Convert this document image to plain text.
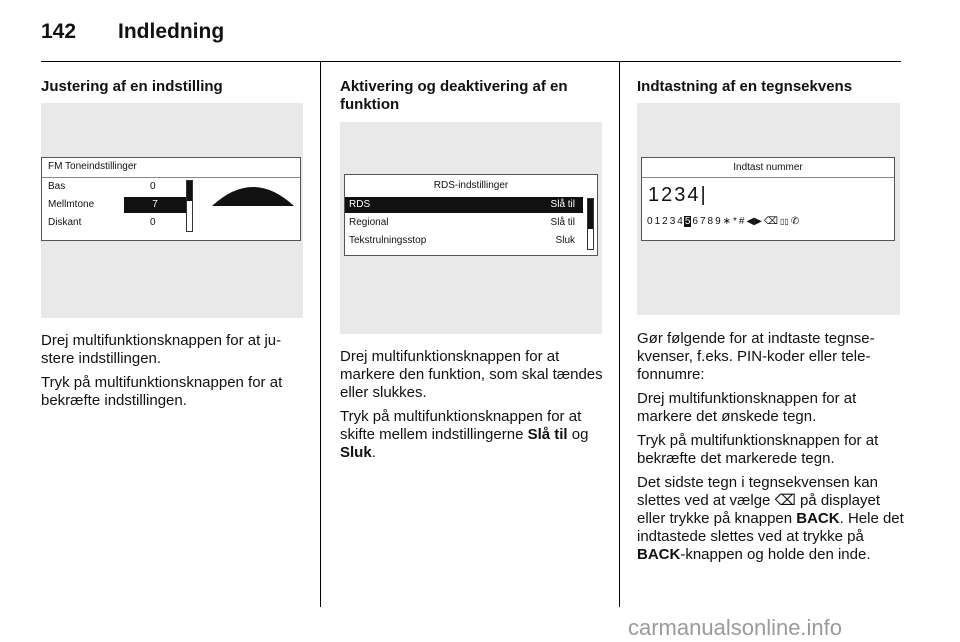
142 Indledning

Justering af en indstilling

FM Toneindstillinger
Bas	0
Mellmtone	7
Diskant	0

Drej multifunktionsknappen for at justere indstillingen.

Tryk på multifunktionsknappen for at bekræfte indstillingen.

Aktivering og deaktivering af en funktion

RDS-indstillinger
RDS	Slå til
Regional	Slå til
Tekstrulningsstop	Sluk

Drej multifunktionsknappen for at markere den funktion, som skal tændes eller slukkes.

Tryk på multifunktionsknappen for at skifte mellem indstillingerne Slå til og Sluk.

Indtastning af en tegnsekvens

Indtast nummer
1234|
0 1 2 3 4 5 6 7 8 9 ∗ * # ◀▶ ⌫ ▯▯ ✆

Gør følgende for at indtaste tegnsekvenser, f.eks. PIN-koder eller telefonnumre:

Drej multifunktionsknappen for at markere det ønskede tegn.

Tryk på multifunktionsknappen for at bekræfte det markerede tegn.

Det sidste tegn i tegnsekvensen kan slettes ved at vælge ⌫ på displayet eller trykke på knappen BACK. Hele det indtastede slettes ved at trykke på BACK-knappen og holde den inde.

carmanualsonline.info
